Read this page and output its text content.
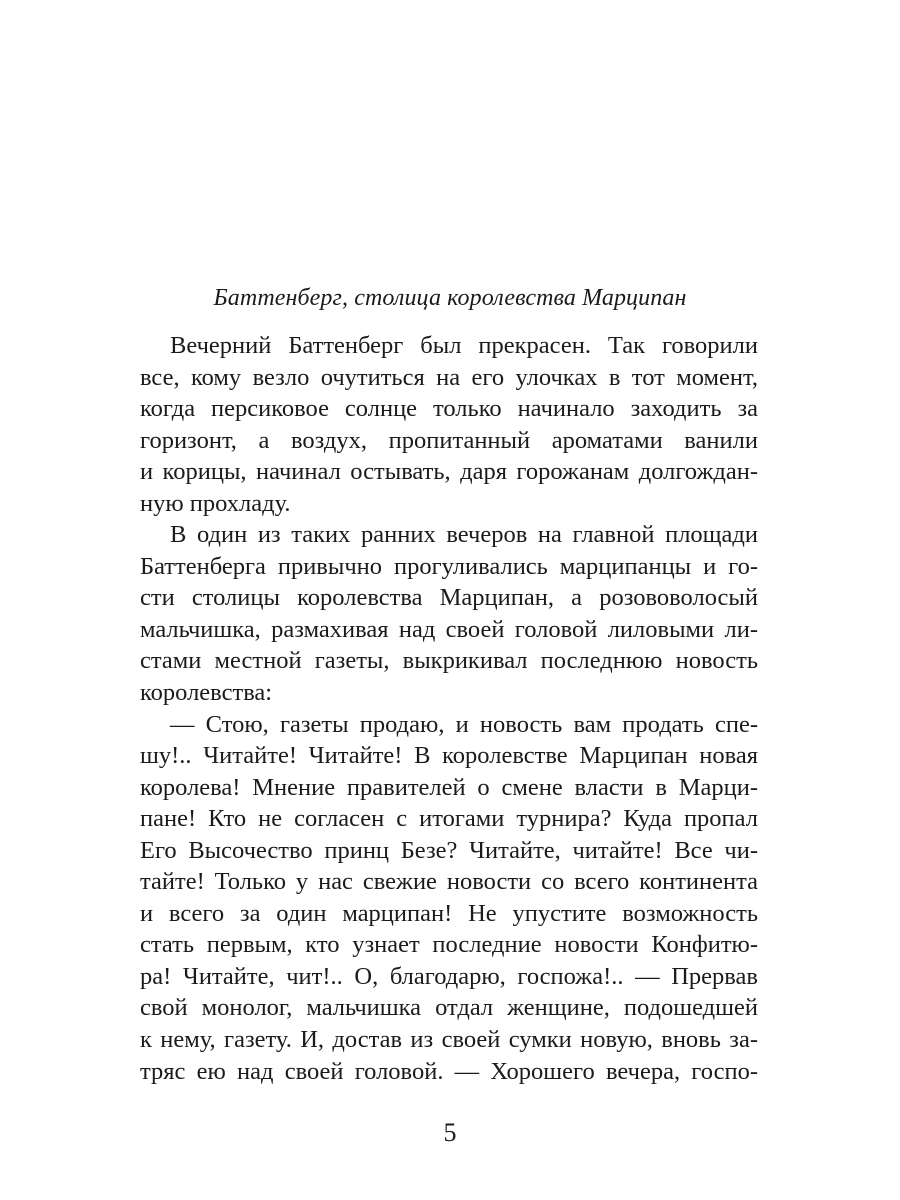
Баттенберг, столица королевства Марципан
Вечерний Баттенберг был прекрасен. Так говорили
все, кому везло очутиться на его улочках в тот момент,
когда персиковое солнце только начинало заходить за
горизонт, а воздух, пропитанный ароматами ванили
и корицы, начинал остывать, даря горожанам долгождан-
ную прохладу.
В один из таких ранних вечеров на главной площади
Баттенберга привычно прогуливались марципанцы и го-
сти столицы королевства Марципан, а розововолосый
мальчишка, размахивая над своей головой лиловыми ли-
стами местной газеты, выкрикивал последнюю новость
королевства:
— Стою, газеты продаю, и новость вам продать спе-
шу!.. Читайте! Читайте! В королевстве Марципан новая
королева! Мнение правителей о смене власти в Марци-
пане! Кто не согласен с итогами турнира? Куда пропал
Его Высочество принц Безе? Читайте, читайте! Все чи-
тайте! Только у нас свежие новости со всего континента
и всего за один марципан! Не упустите возможность
стать первым, кто узнает последние новости Конфитю-
ра! Читайте, чит!.. О, благодарю, госпожа!.. — Прервав
свой монолог, мальчишка отдал женщине, подошедшей
к нему, газету. И, достав из своей сумки новую, вновь за-
тряс ею над своей головой. — Хорошего вечера, госпо-
5
